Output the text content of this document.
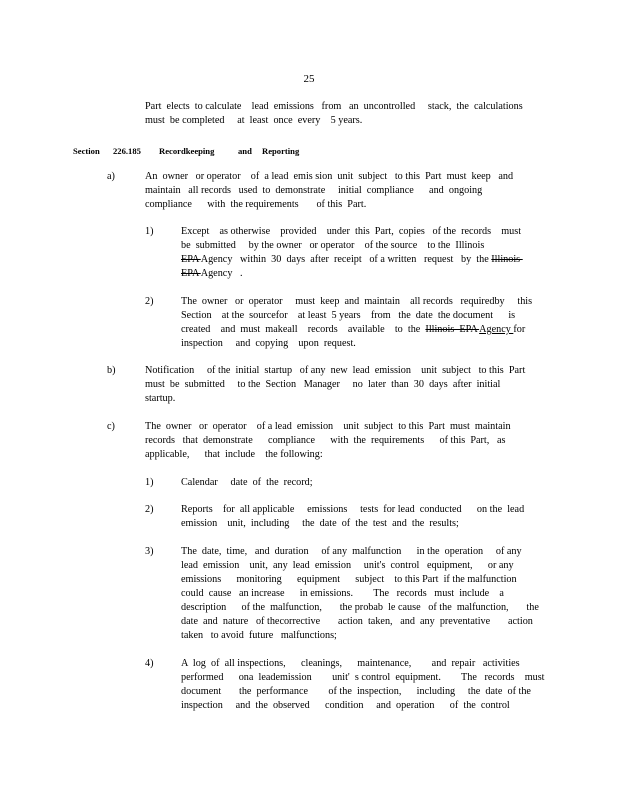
25
Part  elects  to calculate    lead  emissions   from   an  uncontrolled     stack,  the  calculations
must  be completed     at  least  once  every    5 years.
Section 226.185 Recordkeeping	and Reporting
a)	An  owner   or operator    of  a lead  emis sion  unit  subject   to this  Part  must  keep   and
maintain   all records   used  to  demonstrate     initial  compliance      and  ongoing
compliance      with  the requirements       of this  Part.
1)	Except    as otherwise    provided    under  this  Part,  copies   of the  records    must
be  submitted     by the owner   or operator    of the source    to the  Illinois
EPA Agency   within  30  days  after  receipt   of a written   request   by  the Illinois
EPA Agency   .
2)	The  owner   or  operator     must  keep  and  maintain    all records   requiredby     this
Section    at the  sourcefor    at least  5 years    from   the  date  the document      is
created    and  must  makeall    records    available    to  the  Illinois  EPA Agency for
inspection     and  copying    upon  request.
b)	Notification     of the  initial  startup   of any  new  lead  emission    unit  subject   to this  Part
must  be  submitted     to the  Section   Manager     no  later  than  30  days  after  initial
startup.
c)	The  owner   or  operator    of a lead  emission    unit  subject  to this  Part  must  maintain
records   that  demonstrate      compliance      with  the  requirements      of this  Part,   as
applicable,      that  include    the following:
1)	Calendar     date  of  the  record;
2)	Reports    for  all applicable     emissions     tests  for lead  conducted      on the  lead
emission    unit,  including     the  date  of  the  test  and  the  results;
3)	The  date,  time,   and  duration     of any  malfunction      in the  operation     of any
lead  emission    unit,  any  lead  emission     unit's  control   equipment,      or any
emissions      monitoring      equipment      subject    to this Part  if the malfunction
could  cause   an increase      in emissions.        The   records   must  include    a
description      of the  malfunction,       the probab  le cause   of the  malfunction,       the
date  and  nature   of thecorrective       action  taken,   and  any  preventative       action
taken   to avoid  future   malfunctions;
4)	A  log  of  all inspections,      cleanings,      maintenance,        and  repair   activities
performed      ona  leademission        unit'  s control  equipment.        The   records    must
document       the  performance        of the  inspection,      including     the  date  of the
inspection     and  the  observed      condition     and  operation      of  the  control
